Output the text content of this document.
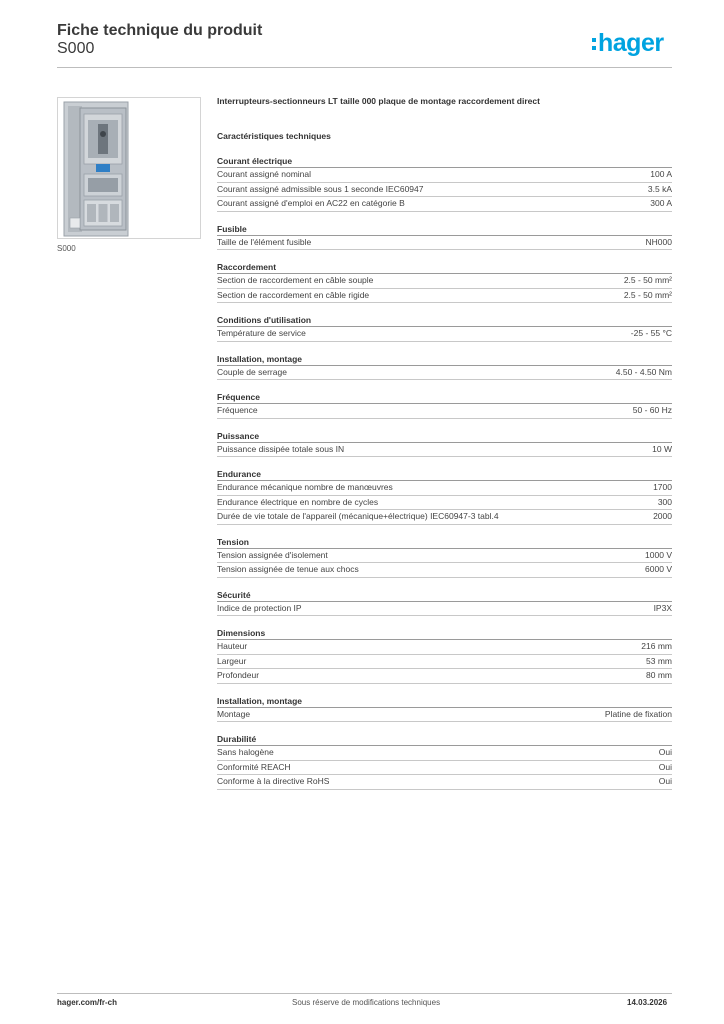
Fiche technique du produit
S000	hager
S000
Interrupteurs-sectionneurs LT taille 000 plaque de montage raccordement direct
Caractéristiques techniques
Courant électrique
Courant assigné nominal	100 A
Courant assigné admissible sous 1 seconde IEC60947	3.5 kA
Courant assigné d'emploi en AC22 en catégorie B	300 A
Fusible
Taille de l'élément fusible	NH000
Raccordement
Section de raccordement en câble souple	2.5 - 50 mm²
Section de raccordement en câble rigide	2.5 - 50 mm²
Conditions d'utilisation
Température de service	-25 - 55 °C
Installation, montage
Couple de serrage	4.50 - 4.50 Nm
Fréquence
Fréquence	50 - 60 Hz
Puissance
Puissance dissipée totale sous IN	10 W
Endurance
Endurance mécanique nombre de manœuvres	1700
Endurance électrique en nombre de cycles	300
Durée de vie totale de l'appareil (mécanique+électrique) IEC60947-3 tabl.4	2000
Tension
Tension assignée d'isolement	1000 V
Tension assignée de tenue aux chocs	6000 V
Sécurité
Indice de protection IP	IP3X
Dimensions
Hauteur	216 mm
Largeur	53 mm
Profondeur	80 mm
Installation, montage
Montage	Platine de fixation
Durabilité
Sans halogène	Oui
Conformité REACH	Oui
Conforme à la directive RoHS	Oui
hager.com/fr-ch	Sous réserve de modifications techniques	14.03.2026
